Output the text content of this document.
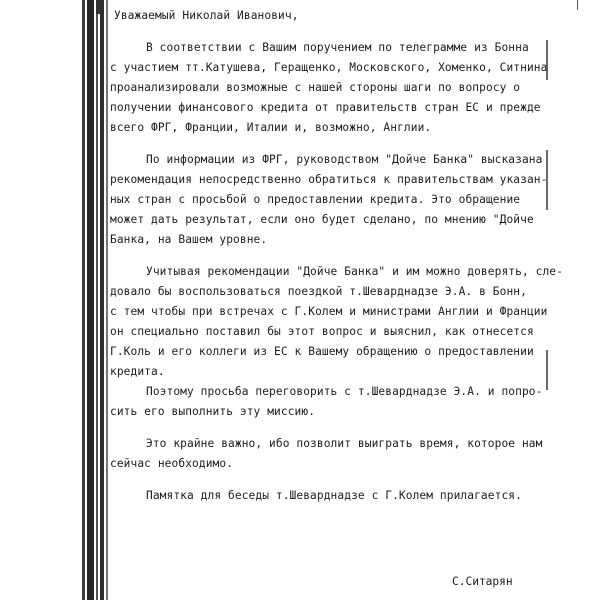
Уважаемый Николай Иванович,
В соответствии с Вашим поручением по телеграмме из Бонна
с участием тт.Катушева, Геращенко, Московского, Хоменко, Ситнина
проанализировали возможные с нашей стороны шаги по вопросу о
получении финансового кредита от правительств стран ЕС и прежде
всего ФРГ, Франции, Италии и, возможно, Англии.
По информации из ФРГ, руководством "Дойче Банка" высказана
рекомендация непосредственно обратиться к правительствам указан-
ных стран с просьбой о предоставлении кредита. Это обращение
может дать результат, если оно будет сделано, по мнению "Дойче
Банка, на Вашем уровне.
Учитывая рекомендации "Дойче Банка" и им можно доверять, сле-
довало бы воспользоваться поездкой т.Шеварднадзе Э.А. в Бонн,
с тем чтобы при встречах с Г.Колем и министрами Англии и Франции
он специально поставил бы этот вопрос и выяснил, как отнесется
Г.Коль и его коллеги из ЕС к Вашему обращению о предоставлении
кредита.
Поэтому просьба переговорить с т.Шеварднадзе Э.А. и попро-
сить его выполнить эту миссию.
Это крайне важно, ибо позволит выиграть время, которое нам
сейчас необходимо.
Памятка для беседы т.Шеварднадзе с Г.Колем прилагается.
С.Ситарян
